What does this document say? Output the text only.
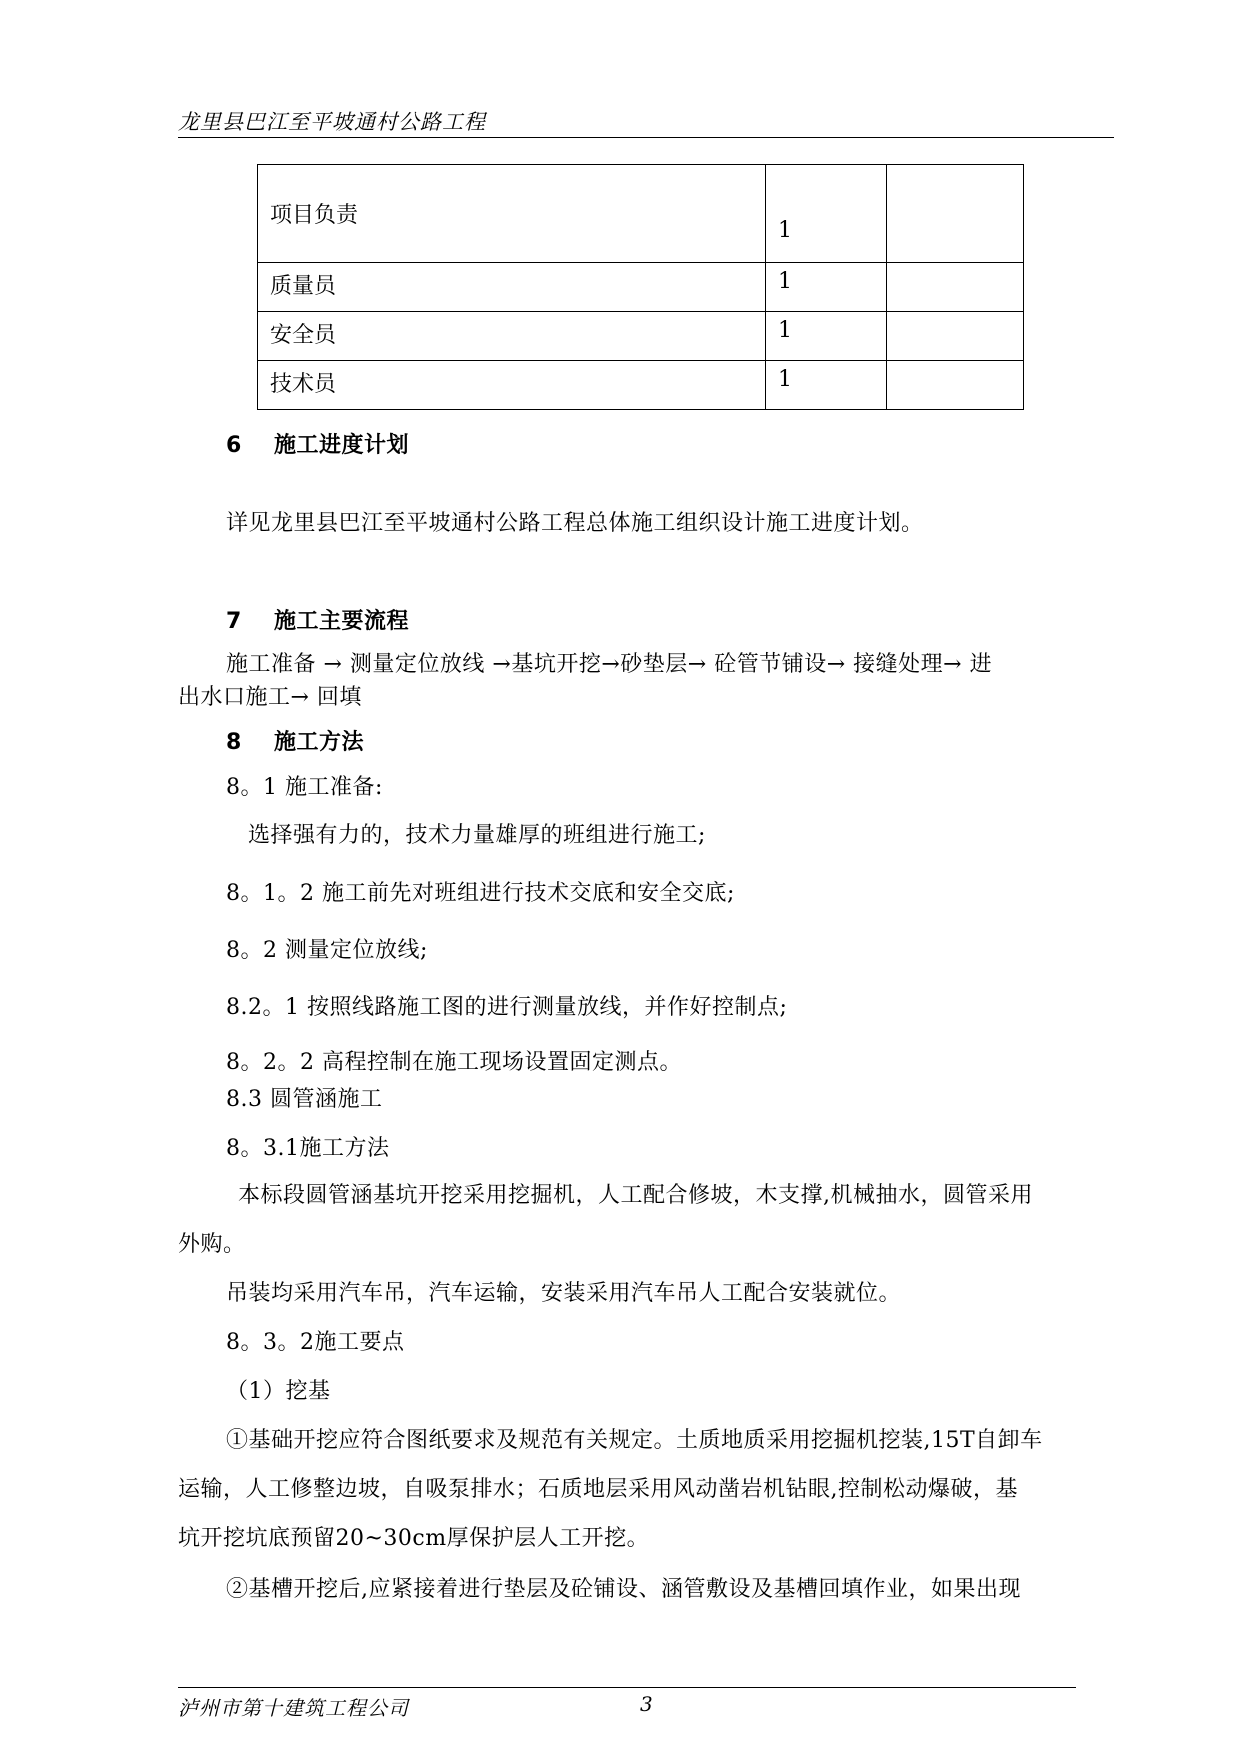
龙里县巴江至平坡通村公路工程
项目负责	1	

质量员	1	

安全员	1	

技术员	1	

6 施工进度计划
详见龙里县巴江至平坡通村公路工程总体施工组织设计施工进度计划。
7 施工主要流程
施工准备 → 测量定位放线 →基坑开挖→砂垫层→ 砼管节铺设→ 接缝处理→ 进
出水口施工→ 回填
8 施工方法
8。1 施工准备:
选择强有力的，技术力量雄厚的班组进行施工;
8。1。2 施工前先对班组进行技术交底和安全交底;
8。2 测量定位放线;
8.2。1 按照线路施工图的进行测量放线，并作好控制点;
8。2。2 高程控制在施工现场设置固定测点。
8.3 圆管涵施工
8。3.1施工方法
本标段圆管涵基坑开挖采用挖掘机，人工配合修坡，木支撑,机械抽水，圆管采用
外购。
吊装均采用汽车吊，汽车运输，安装采用汽车吊人工配合安装就位。
8。3。2施工要点
（1）挖基
①基础开挖应符合图纸要求及规范有关规定。土质地质采用挖掘机挖装,15T自卸车
运输，人工修整边坡，自吸泵排水；石质地层采用风动凿岩机钻眼,控制松动爆破，基
坑开挖坑底预留20~30cm厚保护层人工开挖。
②基槽开挖后,应紧接着进行垫层及砼铺设、涵管敷设及基槽回填作业，如果出现
泸州市第十建筑工程公司	3
